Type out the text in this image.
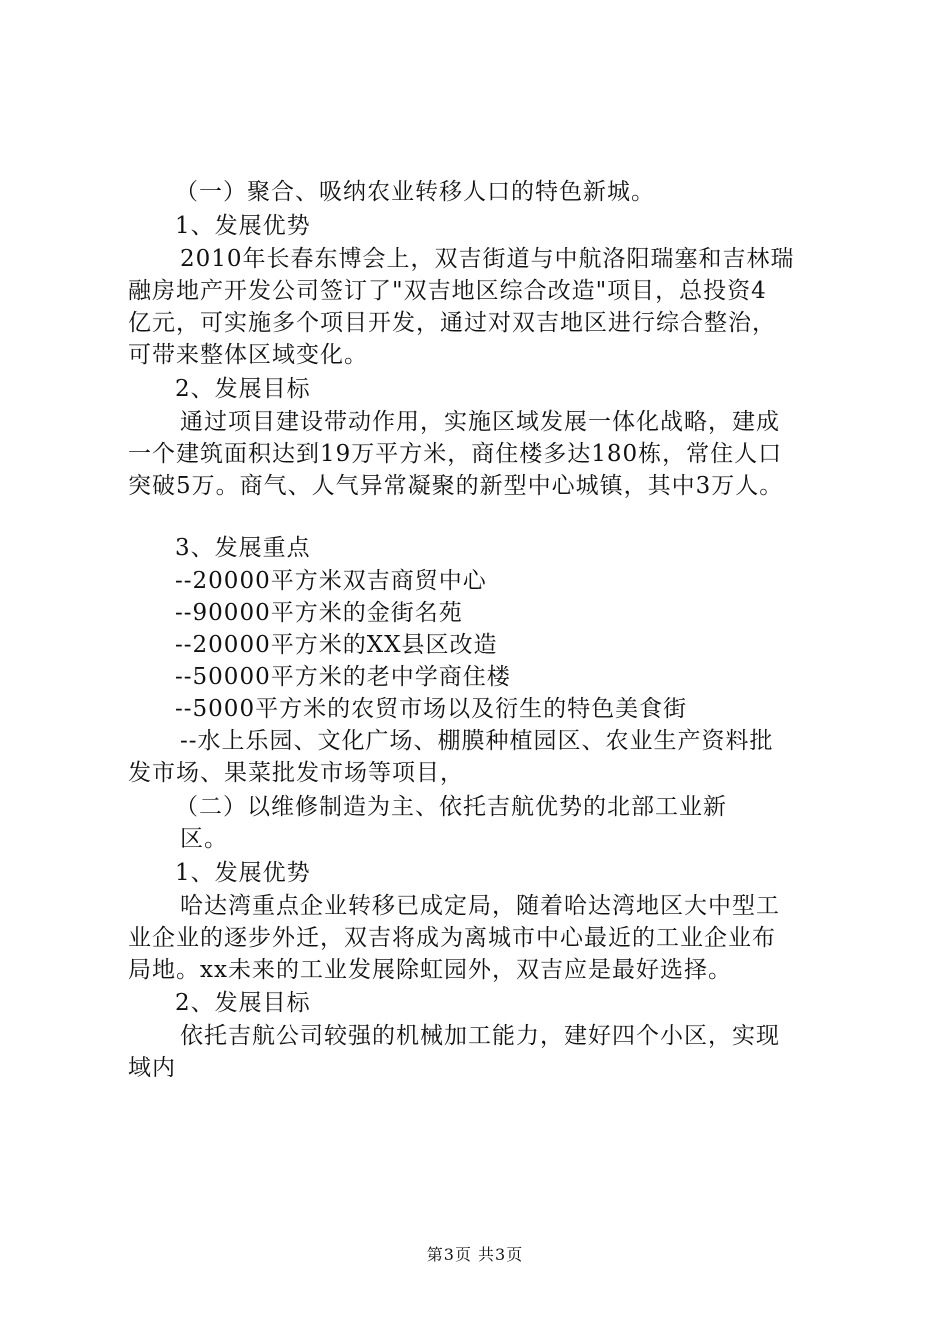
（一）聚合、吸纳农业转移人口的特色新城。
1、发展优势
2010年长春东博会上，双吉街道与中航洛阳瑞塞和吉林瑞
融房地产开发公司签订了"双吉地区综合改造"项目，总投资4
亿元，可实施多个项目开发，通过对双吉地区进行综合整治，
可带来整体区域变化。
2、发展目标
通过项目建设带动作用，实施区域发展一体化战略，建成
一个建筑面积达到19万平方米，商住楼多达180栋，常住人口
突破5万。商气、人气异常凝聚的新型中心城镇，其中3万人。
3、发展重点
--20000平方米双吉商贸中心
--90000平方米的金街名苑
--20000平方米的XX县区改造
--50000平方米的老中学商住楼
--5000平方米的农贸市场以及衍生的特色美食街
--水上乐园、文化广场、棚膜种植园区、农业生产资料批
发市场、果菜批发市场等项目，
（二）以维修制造为主、依托吉航优势的北部工业新
区。
1、发展优势
哈达湾重点企业转移已成定局，随着哈达湾地区大中型工
业企业的逐步外迁，双吉将成为离城市中心最近的工业企业布
局地。xx未来的工业发展除虹园外，双吉应是最好选择。
2、发展目标
依托吉航公司较强的机械加工能力，建好四个小区，实现
域内
第3页 共3页
